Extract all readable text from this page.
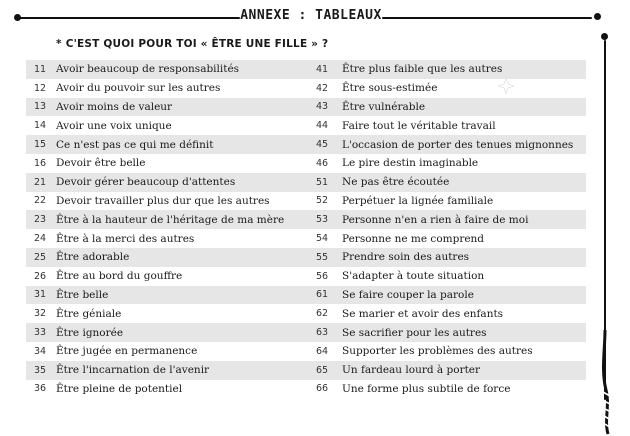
ANNEXE : TABLEAUX
* C'EST QUOI POUR TOI « ÊTRE UNE FILLE » ?
11 Avoir beaucoup de responsabilités	41	Être plus faible que les autres
12 Avoir du pouvoir sur les autres	42	Être sous-estimée
13 Avoir moins de valeur	43	Être vulnérable
14 Avoir une voix unique	44	Faire tout le véritable travail
15 Ce n'est pas ce qui me définit	45	L'occasion de porter des tenues mignonnes
16 Devoir être belle	46	Le pire destin imaginable
21 Devoir gérer beaucoup d'attentes	51	Ne pas être écoutée
22 Devoir travailler plus dur que les autres	52	Perpétuer la lignée familiale
23 Être à la hauteur de l'héritage de ma mère	53	Personne n'en a rien à faire de moi
24 Être à la merci des autres	54	Personne ne me comprend
25 Être adorable	55	Prendre soin des autres
26 Être au bord du gouffre	56	S'adapter à toute situation
31 Être belle	61	Se faire couper la parole
32 Être géniale	62	Se marier et avoir des enfants
33 Être ignorée	63	Se sacrifier pour les autres
34 Être jugée en permanence	64	Supporter les problèmes des autres
35 Être l'incarnation de l'avenir	65	Un fardeau lourd à porter
36 Être pleine de potentiel	66	Une forme plus subtile de force
